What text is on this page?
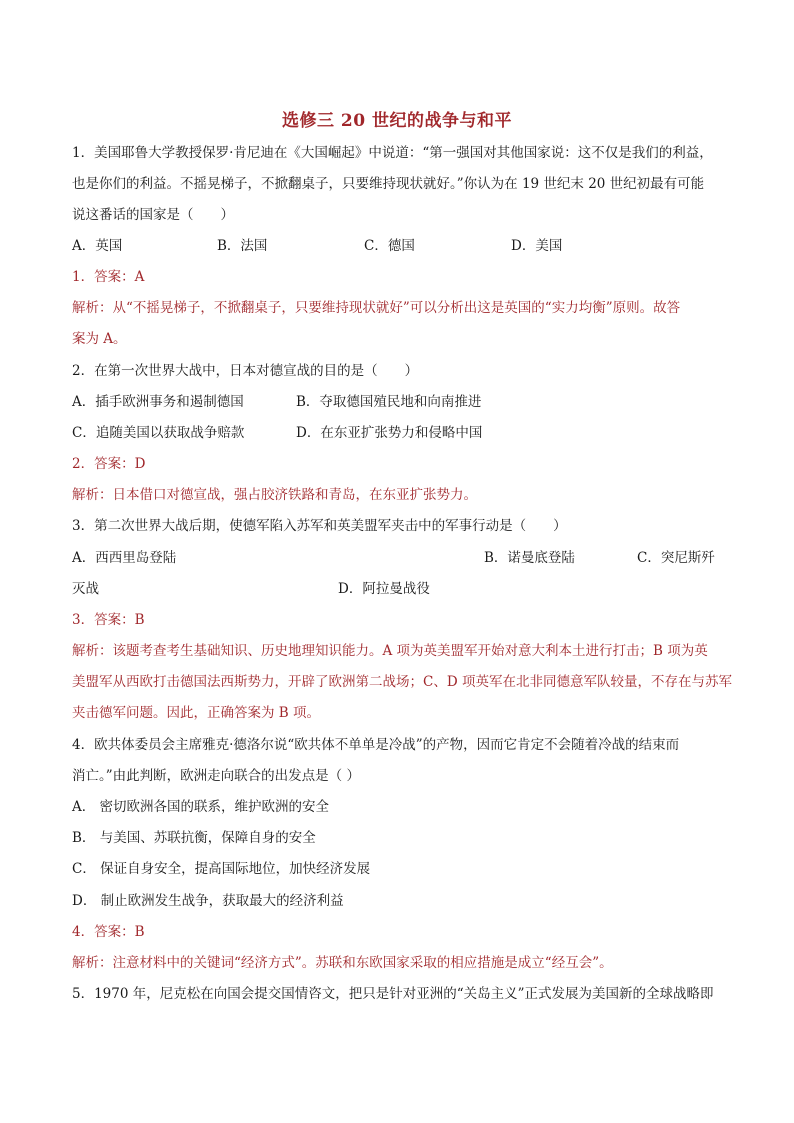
选修三 20 世纪的战争与和平
1．美国耶鲁大学教授保罗·肯尼迪在《大国崛起》中说道：“第一强国对其他国家说：这不仅是我们的利益，
也是你们的利益。不摇晃梯子，不掀翻桌子，只要维持现状就好。”你认为在 19 世纪末 20 世纪初最有可能
说这番话的国家是（　　）
A．英国	B．法国	C．德国	D．美国
1．答案：A
解析：从“不摇晃梯子，不掀翻桌子，只要维持现状就好”可以分析出这是英国的“实力均衡”原则。故答
案为 A。
2．在第一次世界大战中，日本对德宣战的目的是（　　）
A．插手欧洲事务和遏制德国	B．夺取德国殖民地和向南推进
C．追随美国以获取战争赔款	D．在东亚扩张势力和侵略中国
2．答案：D
解析：日本借口对德宣战，强占胶济铁路和青岛，在东亚扩张势力。
3．第二次世界大战后期，使德军陷入苏军和英美盟军夹击中的军事行动是（　　）
A．西西里岛登陆	B．诺曼底登陆	C．突尼斯歼
灭战	D．阿拉曼战役
3．答案：B
解析：该题考查考生基础知识、历史地理知识能力。A 项为英美盟军开始对意大利本土进行打击；B 项为英
美盟军从西欧打击德国法西斯势力，开辟了欧洲第二战场；C、D 项英军在北非同德意军队较量，不存在与苏军
夹击德军问题。因此，正确答案为 B 项。
4．欧共体委员会主席雅克·德洛尔说“欧共体不单单是冷战”的产物，因而它肯定不会随着冷战的结束而
消亡。”由此判断，欧洲走向联合的出发点是（ ）
A． 密切欧洲各国的联系，维护欧洲的安全
B． 与美国、苏联抗衡，保障自身的安全
C． 保证自身安全，提高国际地位，加快经济发展
D． 制止欧洲发生战争，获取最大的经济利益
4．答案：B
解析：注意材料中的关键词“经济方式”。苏联和东欧国家采取的相应措施是成立“经互会”。
5．1970 年，尼克松在向国会提交国情咨文，把只是针对亚洲的“关岛主义”正式发展为美国新的全球战略即
